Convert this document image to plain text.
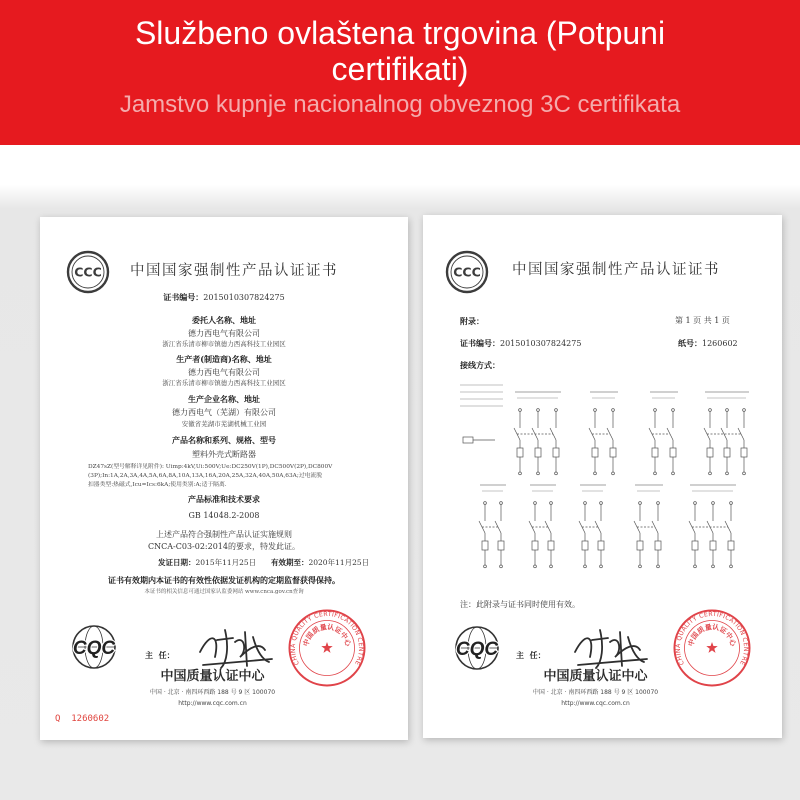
Službeno ovlaštena trgovina (Potpuni certifikati)
Jamstvo kupnje nacionalnog obveznog 3C certifikata
CCC 中国国家强制性产品认证证书
证书编号：2015010307824275
委托人名称、地址
德力西电气有限公司
浙江省乐清市柳市镇德力西高科技工业园区
生产者(制造商)名称、地址
德力西电气有限公司
浙江省乐清市柳市镇德力西高科技工业园区
生产企业名称、地址
德力西电气（芜湖）有限公司
安徽省芜湖市芜湖机械工业园
产品名称和系列、规格、型号
塑料外壳式断路器
DZ47sZ(型号解释详见附件): Uimp:4kV,Ui:500V;Ue:DC250V(1P),DC500V(2P),DC800V
(3P);In:1A,2A,3A,4A,5A,6A,8A,10A,13A,16A,20A,25A,32A,40A,50A,63A;过电流脱
扣器类型:热磁式,Icu=Ics:6kA;使用类别:A;适于隔离.
产品标准和技术要求
GB 14048.2-2008
上述产品符合强制性产品认证实施规则
CNCA-C03-02:2014的要求，特发此证。
发证日期：2015年11月25日 有效期至：2020年11月25日
证书有效期内本证书的有效性依据发证机构的定期监督获得保持。
本证书的相关信息可通过国家认监委网站 www.cnca.gov.cn查询
CQC	主  任：
CHINA QUALITY CERTIFICATION CENTRE
中国质量认证中心
中国质量认证中心
中国 · 北京 · 南四环西路 188 号 9 区 100070
http://www.cqc.com.cn
Q  1260602
CCC 中国国家强制性产品认证证书
附录：	第 1 页 共 1 页
证书编号：2015010307824275	纸号：1260602
接线方式：
注：此附录与证书同时使用有效。
CQC 主  任：
CHINA QUALITY CERTIFICATION CENTRE
中国质量认证中心
中国质量认证中心
中国 · 北京 · 南四环西路 188 号 9 区 100070
http://www.cqc.com.cn
